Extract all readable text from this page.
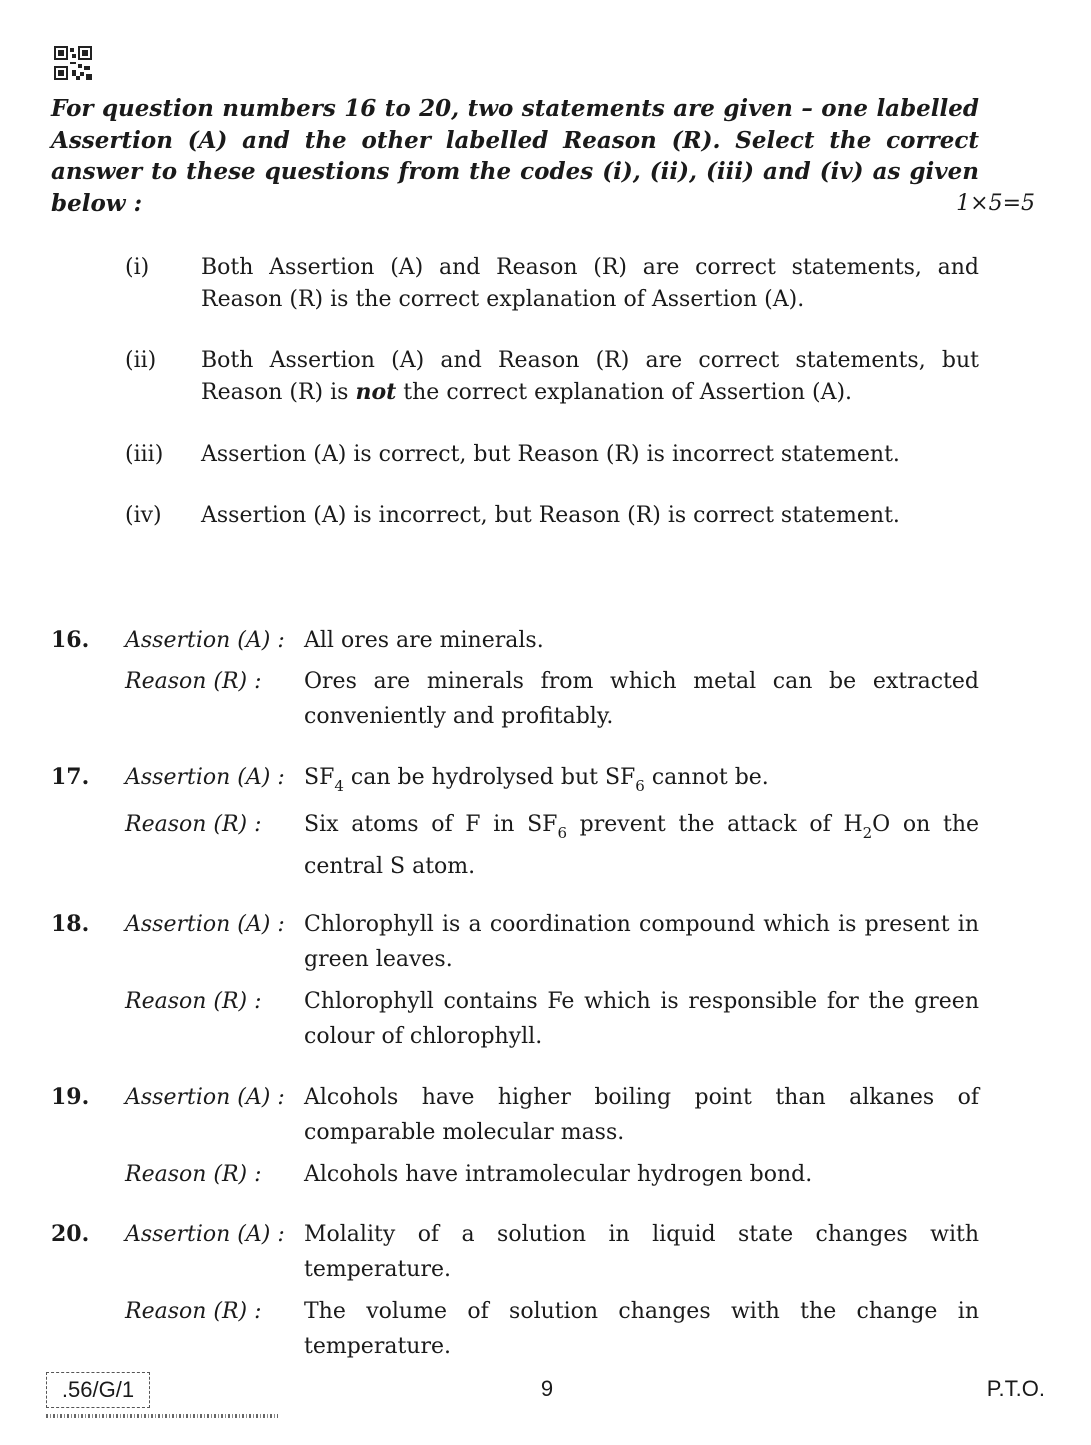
For question numbers 16 to 20, two statements are given – one labelled
Assertion (A) and the other labelled Reason (R). Select the correct
answer to these questions from the codes (i), (ii), (iii) and (iv) as given
below :	1×5=5
(i) Both Assertion (A) and Reason (R) are correct statements, and Reason (R) is the correct explanation of Assertion (A).
(ii) Both Assertion (A) and Reason (R) are correct statements, but Reason (R) is not the correct explanation of Assertion (A).
(iii) Assertion (A) is correct, but Reason (R) is incorrect statement.
(iv) Assertion (A) is incorrect, but Reason (R) is correct statement.
16. Assertion (A) : All ores are minerals.
Reason (R) : Ores are minerals from which metal can be extracted conveniently and profitably.
17. Assertion (A) : $SF_4$ can be hydrolysed but $SF_6$ cannot be.
Reason (R) : Six atoms of F in $SF_6$ prevent the attack of $H_2O$ on the central S atom.
18. Assertion (A) : Chlorophyll is a coordination compound which is present in green leaves.
Reason (R) : Chlorophyll contains Fe which is responsible for the green colour of chlorophyll.
19. Assertion (A) : Alcohols have higher boiling point than alkanes of comparable molecular mass.
Reason (R) : Alcohols have intramolecular hydrogen bond.
20. Assertion (A) : Molality of a solution in liquid state changes with temperature.
Reason (R) : The volume of solution changes with the change in temperature.
.56/G/1	9	P.T.O.
